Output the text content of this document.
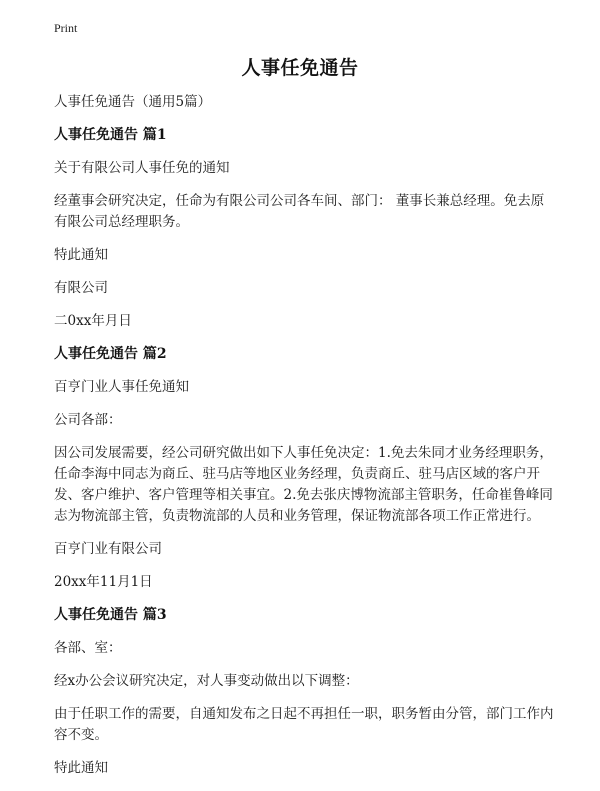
Print
人事任免通告
人事任免通告（通用5篇）
人事任免通告 篇1
关于有限公司人事任免的通知
经董事会研究决定，任命为有限公司公司各车间、部门： 董事长兼总经理。免去原有限公司总经理职务。
特此通知
有限公司
二0xx年月日
人事任免通告 篇2
百亨门业人事任免通知
公司各部：
因公司发展需要，经公司研究做出如下人事任免决定：1.免去朱同才业务经理职务，任命李海中同志为商丘、驻马店等地区业务经理，负责商丘、驻马店区域的客户开发、客户维护、客户管理等相关事宜。2.免去张庆博物流部主管职务，任命崔鲁峰同志为物流部主管，负责物流部的人员和业务管理，保证物流部各项工作正常进行。
百亨门业有限公司
20xx年11月1日
人事任免通告 篇3
各部、室：
经x办公会议研究决定，对人事变动做出以下调整：
由于任职工作的需要，自通知发布之日起不再担任一职，职务暂由分管，部门工作内容不变。
特此通知
